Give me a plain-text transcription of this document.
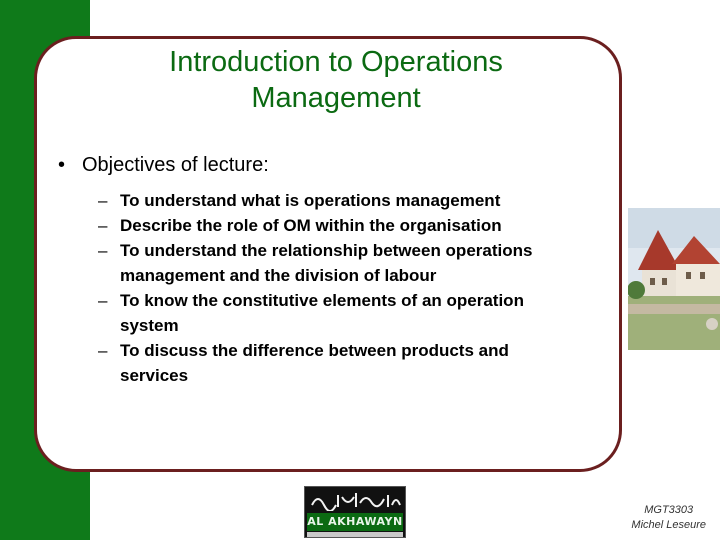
Introduction to Operations
Management
• Objectives of lecture:
– To understand what is operations management
– Describe the role of OM within the organisation
– To understand the relationship between operations
management and the division of labour
– To know the constitutive elements of an operation
system
– To discuss the difference between products and
services
AL AKHAWAYN
MGT3303
Michel Leseure
